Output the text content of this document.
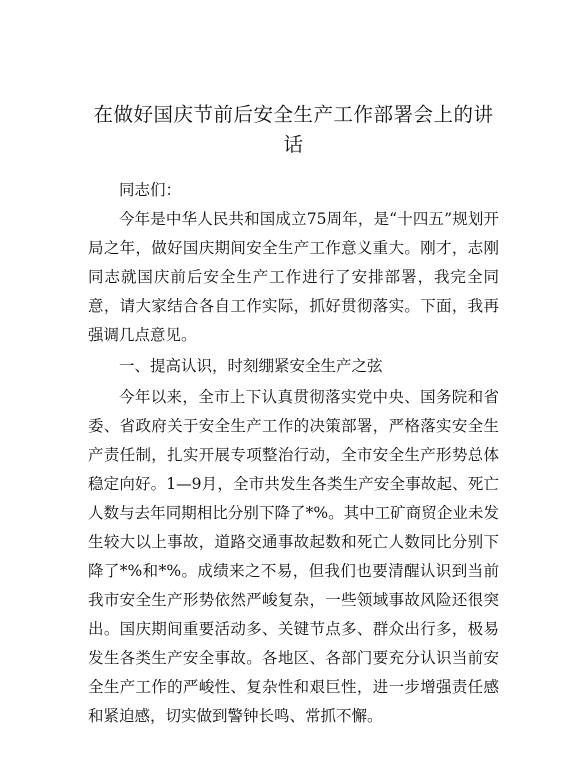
在做好国庆节前后安全生产工作部署会上的讲话

同志们：

今年是中华人民共和国成立75周年，是“十四五”规划开局之年，做好国庆期间安全生产工作意义重大。刚才，志刚同志就国庆前后安全生产工作进行了安排部署，我完全同意，请大家结合各自工作实际，抓好贯彻落实。下面，我再强调几点意见。

一、提高认识，时刻绷紧安全生产之弦

今年以来，全市上下认真贯彻落实党中央、国务院和省委、省政府关于安全生产工作的决策部署，严格落实安全生产责任制，扎实开展专项整治行动，全市安全生产形势总体稳定向好。1—9月，全市共发生各类生产安全事故起、死亡人数与去年同期相比分别下降了*%。其中工矿商贸企业未发生较大以上事故，道路交通事故起数和死亡人数同比分别下降了*%和*%。成绩来之不易，但我们也要清醒认识到当前我市安全生产形势依然严峻复杂，一些领域事故风险还很突出。国庆期间重要活动多、关键节点多、群众出行多，极易发生各类生产安全事故。各地区、各部门要充分认识当前安全生产工作的严峻性、复杂性和艰巨性，进一步增强责任感和紧迫感，切实做到警钟长鸣、常抓不懈。
